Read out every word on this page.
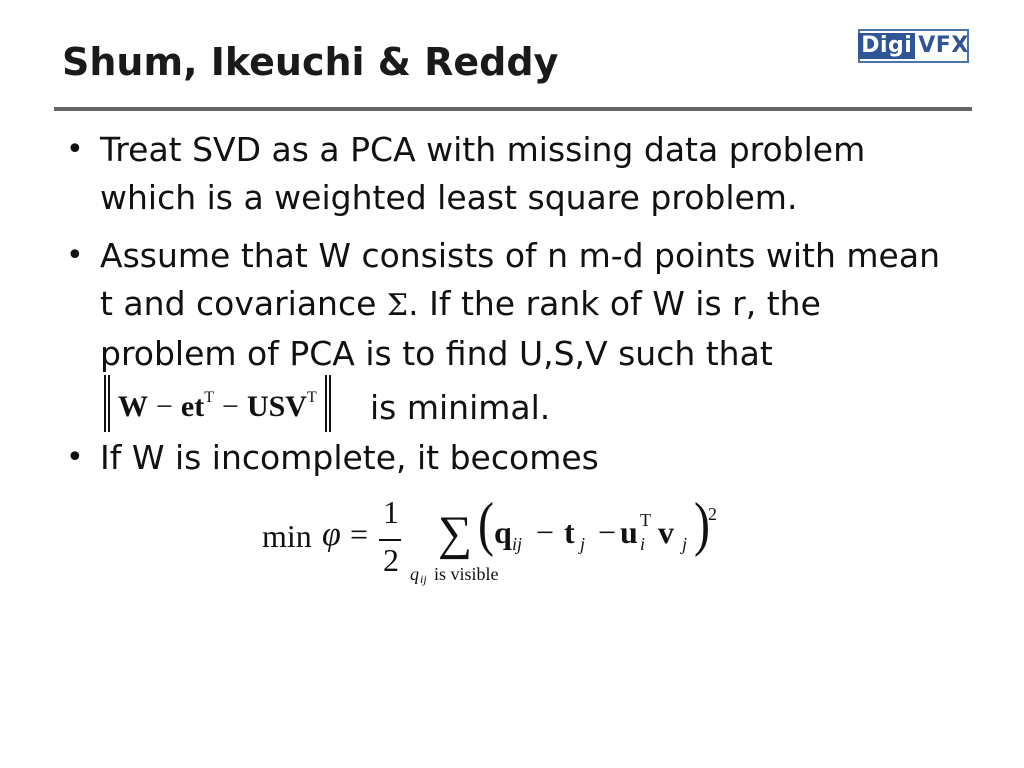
Shum, Ikeuchi & Reddy	Digi VFX
• Treat SVD as a PCA with missing data problem which is a weighted least square problem.
• Assume that W consists of n m-d points with mean t and covariance Σ. If the rank of W is r, the problem of PCA is to find U,S,V such that
• If W is incomplete, it becomes
$W - et^T - USV^T$	is minimal.
min φ =
1
2 ∑
q ij is visible
( q ij − t j − u T
i v j )
2
